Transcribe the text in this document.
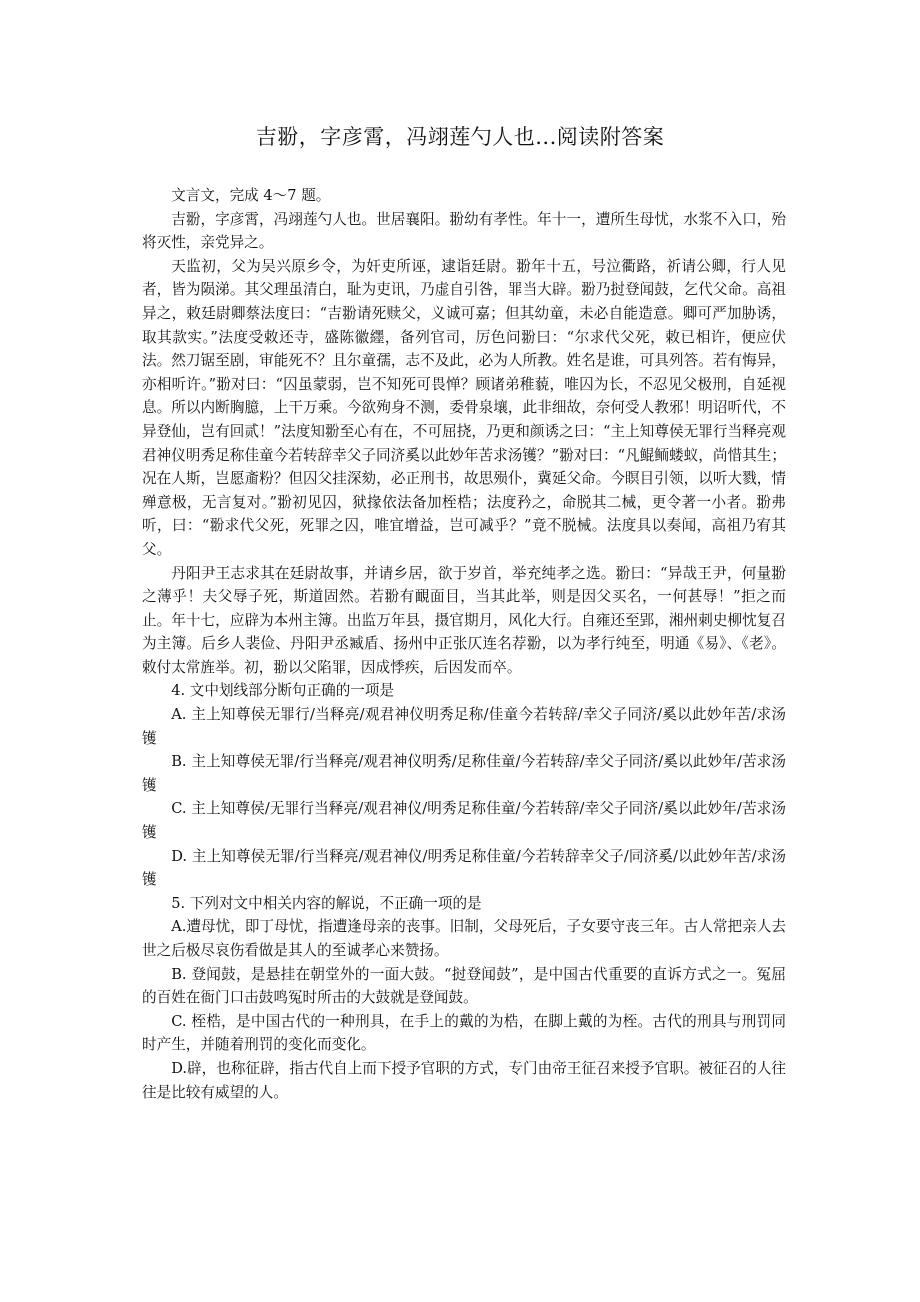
吉翂，字彦霄，冯翊莲勺人也...阅读附答案

文言文，完成 4～7 题。

吉翂，字彦霄，冯翊莲勺人也。世居襄阳。翂幼有孝性。年十一，遭所生母忧，水浆不入口，殆将灭性，亲党异之。

天监初，父为吴兴原乡令，为奸吏所诬，逮诣廷尉。翂年十五，号泣衢路，祈请公卿，行人见者，皆为陨涕。其父理虽清白，耻为吏讯，乃虚自引咎，罪当大辟。翂乃挝登闻鼓，乞代父命。高祖异之，敕廷尉卿蔡法度曰：“吉翂请死赎父，义诚可嘉；但其幼童，未必自能造意。卿可严加胁诱，取其款实。”法度受敕还寺，盛陈徽纆，备列官司，厉色问翂曰：“尔求代父死，敕已相许，便应伏法。然刀锯至剧，审能死不？且尔童孺，志不及此，必为人所教。姓名是谁，可具列答。若有悔异，亦相听许。”翂对曰：“囚虽蒙弱，岂不知死可畏惮？顾诸弟稚藐，唯囚为长，不忍见父极刑，自延视息。所以内断胸臆，上干万乘。今欲殉身不测，委骨泉壤，此非细故，奈何受人教邪！明诏听代，不异登仙，岂有回贰！”法度知翂至心有在，不可屈挠，乃更和颜诱之曰：“主上知尊侯无罪行当释亮观君神仪明秀足称佳童今若转辞幸父子同济奚以此妙年苦求汤镬？”翂对曰：“凡鲲鲕蝼蚁，尚惜其生；况在人斯，岂愿齑粉？但囚父挂深劾，必正刑书，故思殒仆，冀延父命。今瞑目引领，以听大戮，情殚意极，无言复对。”翂初见囚，狱掾依法备加桎梏；法度矜之，命脱其二械，更令著一小者。翂弗听，曰：“翂求代父死，死罪之囚，唯宜增益，岂可减乎？”竟不脱械。法度具以奏闻，高祖乃宥其父。

丹阳尹王志求其在廷尉故事，并请乡居，欲于岁首，举充纯孝之选。翂曰：“异哉王尹，何量翂之薄乎！夫父辱子死，斯道固然。若翂有靦面目，当其此举，则是因父买名，一何甚辱！”拒之而止。年十七，应辟为本州主簿。出监万年县，摄官期月，风化大行。自雍还至郢，湘州刺史柳忱复召为主簿。后乡人裴俭、丹阳尹丞臧盾、扬州中正张仄连名荐翂，以为孝行纯至，明通《易》、《老》。敕付太常旌举。初，翂以父陷罪，因成悸疾，后因发而卒。

4. 文中划线部分断句正确的一项是

A. 主上知尊侯无罪行/当释亮/观君神仪明秀足称/佳童今若转辞/幸父子同济/奚以此妙年苦/求汤镬

B. 主上知尊侯无罪/行当释亮/观君神仪明秀/足称佳童/今若转辞/幸父子同济/奚以此妙年/苦求汤镬

C. 主上知尊侯/无罪行当释亮/观君神仪/明秀足称佳童/今若转辞/幸父子同济/奚以此妙年/苦求汤镬

D. 主上知尊侯无罪/行当释亮/观君神仪/明秀足称佳童/今若转辞幸父子/同济奚/以此妙年苦/求汤镬

5. 下列对文中相关内容的解说，不正确一项的是

A.遭母忧，即丁母忧，指遭逢母亲的丧事。旧制，父母死后，子女要守丧三年。古人常把亲人去世之后极尽哀伤看做是其人的至诚孝心来赞扬。

B. 登闻鼓，是悬挂在朝堂外的一面大鼓。“挝登闻鼓”，是中国古代重要的直诉方式之一。冤屈的百姓在衙门口击鼓鸣冤时所击的大鼓就是登闻鼓。

C. 桎梏，是中国古代的一种刑具，在手上的戴的为梏，在脚上戴的为桎。古代的刑具与刑罚同时产生，并随着刑罚的变化而变化。

D.辟，也称征辟，指古代自上而下授予官职的方式，专门由帝王征召来授予官职。被征召的人往往是比较有威望的人。
